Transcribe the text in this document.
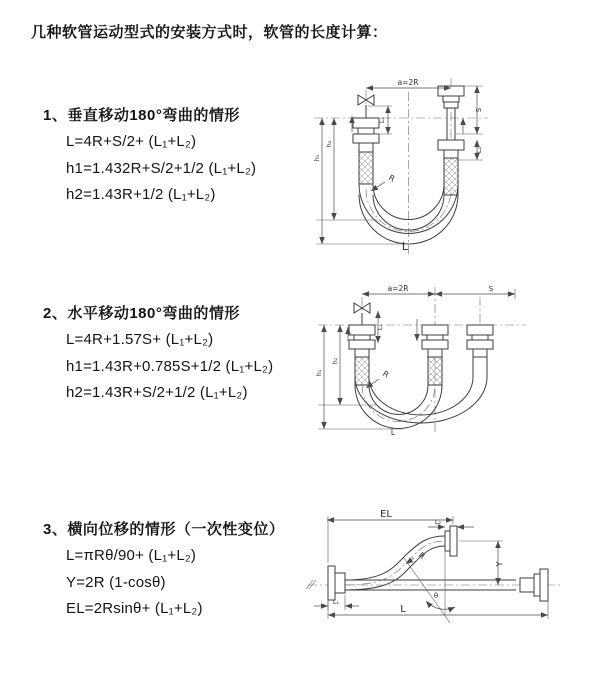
几种软管运动型式的安装方式时，软管的长度计算：
1、垂直移动180°弯曲的情形

L=4R+S/2+ (L₁+L₂)

h1=1.432R+S/2+1/2 (L₁+L₂)

h2=1.43R+1/2 (L₁+L₂)

a=2R
L₁
S
L₂
h₂
h₁
R
L
2、水平移动180°弯曲的情形

L=4R+1.57S+ (L₁+L₂)

h1=1.43R+0.785S+1/2 (L₁+L₂)

h2=1.43R+S/2+1/2 (L₁+L₂)

a=2R	S
L₁
h₂
h₁	R
L
3、横向位移的情形（一次性变位）

L=πRθ/90+ (L₁+L₂)

Y=2R (1-cosθ)

EL=2Rsinθ+ (L₁+L₂)

θ
R
EL
L₂
Y
L₁
L
